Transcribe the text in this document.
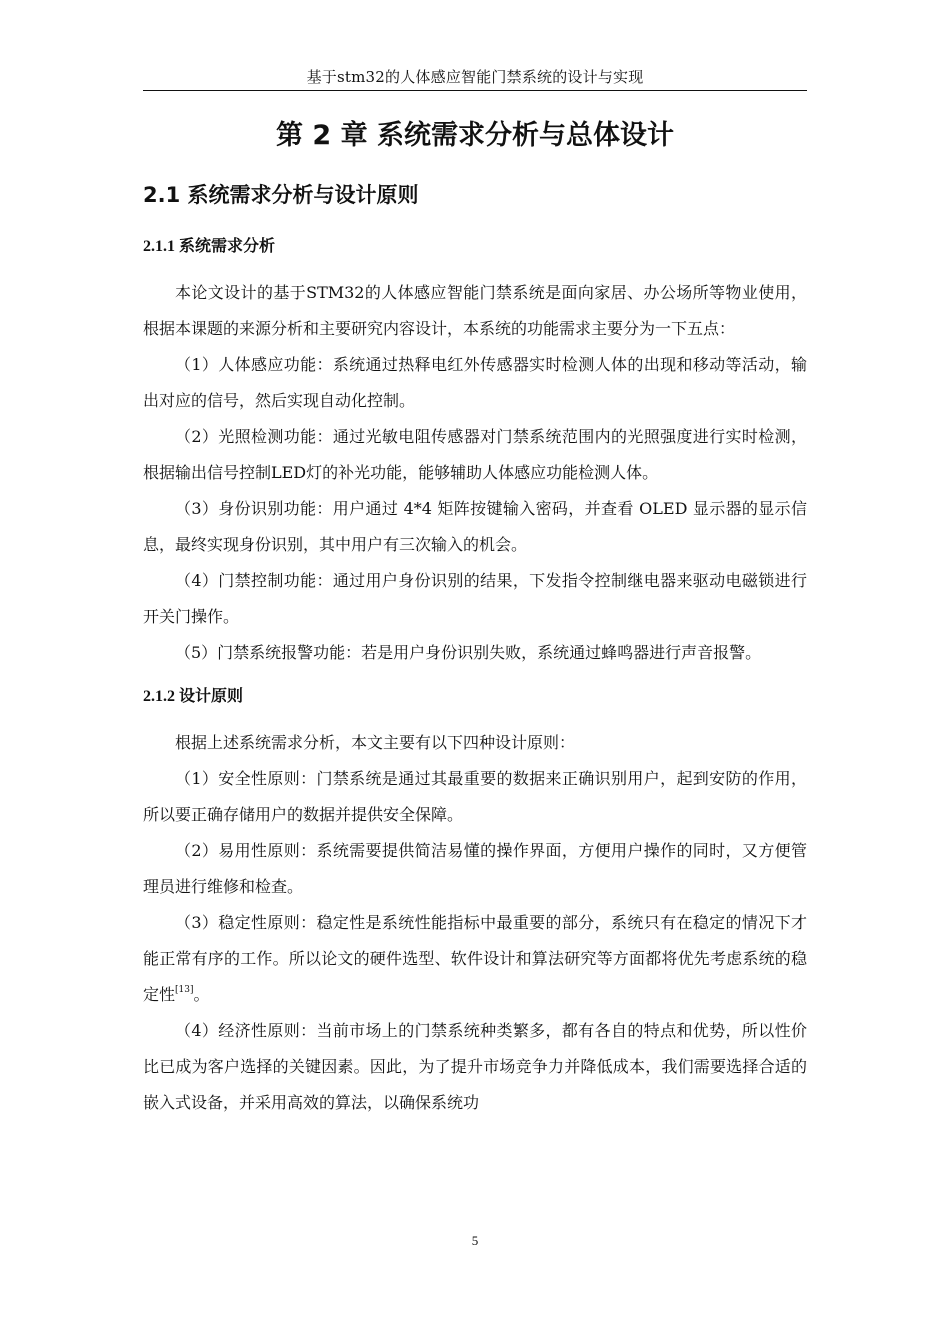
基于stm32的人体感应智能门禁系统的设计与实现
第 2 章 系统需求分析与总体设计
2.1 系统需求分析与设计原则
2.1.1 系统需求分析

本论文设计的基于STM32的人体感应智能门禁系统是面向家居、办公场所等物业使用，根据本课题的来源分析和主要研究内容设计，本系统的功能需求主要分为一下五点：

（1）人体感应功能：系统通过热释电红外传感器实时检测人体的出现和移动等活动，输出对应的信号，然后实现自动化控制。

（2）光照检测功能：通过光敏电阻传感器对门禁系统范围内的光照强度进行实时检测，根据输出信号控制LED灯的补光功能，能够辅助人体感应功能检测人体。

（3）身份识别功能：用户通过 4*4 矩阵按键输入密码，并查看 OLED 显示器的显示信息，最终实现身份识别，其中用户有三次输入的机会。

（4）门禁控制功能：通过用户身份识别的结果，下发指令控制继电器来驱动电磁锁进行开关门操作。

（5）门禁系统报警功能：若是用户身份识别失败，系统通过蜂鸣器进行声音报警。

2.1.2 设计原则

根据上述系统需求分析，本文主要有以下四种设计原则：

（1）安全性原则：门禁系统是通过其最重要的数据来正确识别用户，起到安防的作用，所以要正确存储用户的数据并提供安全保障。

（2）易用性原则：系统需要提供简洁易懂的操作界面，方便用户操作的同时，又方便管理员进行维修和检查。

（3）稳定性原则：稳定性是系统性能指标中最重要的部分，系统只有在稳定的情况下才能正常有序的工作。所以论文的硬件选型、软件设计和算法研究等方面都将优先考虑系统的稳定性[13]。

（4）经济性原则：当前市场上的门禁系统种类繁多，都有各自的特点和优势，所以性价比已成为客户选择的关键因素。因此，为了提升市场竞争力并降低成本，我们需要选择合适的嵌入式设备，并采用高效的算法，以确保系统功

5
